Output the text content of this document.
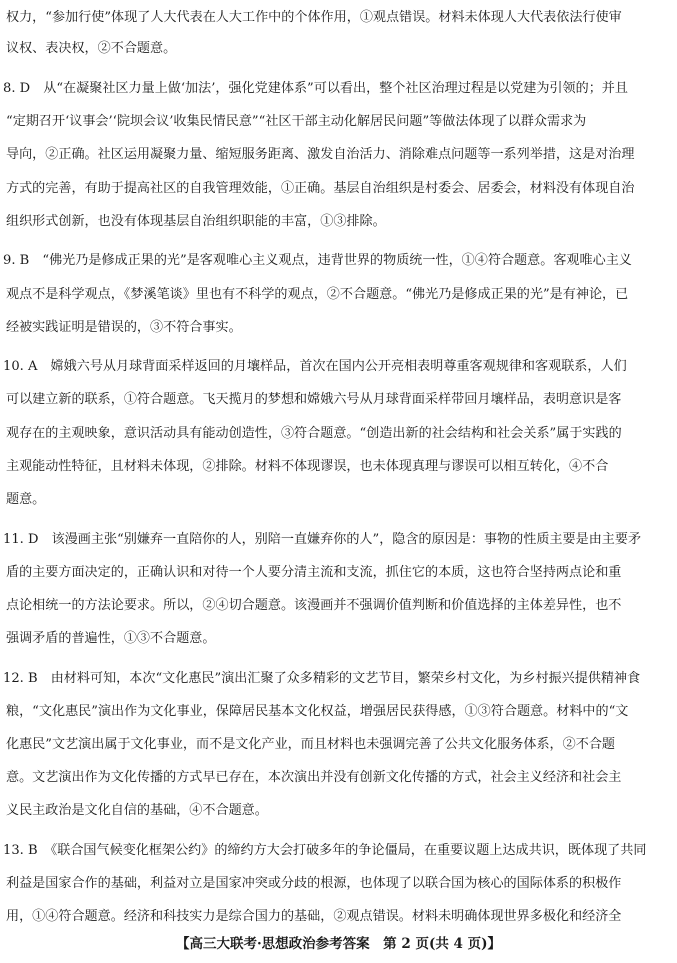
权力，“参加行使”体现了人大代表在人大工作中的个体作用，①观点错误。材料未体现人大代表依法行使审
议权、表决权，②不合题意。
8. D　从“在凝聚社区力量上做‘加法’，强化党建体系”可以看出，整个社区治理过程是以党建为引领的；并且
“定期召开‘议事会’‘院坝会议’收集民情民意”“社区干部主动化解居民问题”等做法体现了以群众需求为
导向，②正确。社区运用凝聚力量、缩短服务距离、激发自治活力、消除难点问题等一系列举措，这是对治理
方式的完善，有助于提高社区的自我管理效能，①正确。基层自治组织是村委会、居委会，材料没有体现自治
组织形式创新，也没有体现基层自治组织职能的丰富，①③排除。
9. B　“佛光乃是修成正果的光”是客观唯心主义观点，违背世界的物质统一性，①④符合题意。客观唯心主义
观点不是科学观点，《梦溪笔谈》里也有不科学的观点，②不合题意。“佛光乃是修成正果的光”是有神论，已
经被实践证明是错误的，③不符合事实。
10. A　嫦娥六号从月球背面采样返回的月壤样品，首次在国内公开亮相表明尊重客观规律和客观联系，人们
可以建立新的联系，①符合题意。飞天揽月的梦想和嫦娥六号从月球背面采样带回月壤样品，表明意识是客
观存在的主观映象，意识活动具有能动创造性，③符合题意。“创造出新的社会结构和社会关系”属于实践的
主观能动性特征，且材料未体现，②排除。材料不体现谬误，也未体现真理与谬误可以相互转化，④不合
题意。
11. D　该漫画主张“别嫌弃一直陪你的人，别陪一直嫌弃你的人”，隐含的原因是：事物的性质主要是由主要矛
盾的主要方面决定的，正确认识和对待一个人要分清主流和支流，抓住它的本质，这也符合坚持两点论和重
点论相统一的方法论要求。所以，②④切合题意。该漫画并不强调价值判断和价值选择的主体差异性，也不
强调矛盾的普遍性，①③不合题意。
12. B　由材料可知，本次“文化惠民”演出汇聚了众多精彩的文艺节目，繁荣乡村文化，为乡村振兴提供精神食
粮，“文化惠民”演出作为文化事业，保障居民基本文化权益，增强居民获得感，①③符合题意。材料中的“文
化惠民”文艺演出属于文化事业，而不是文化产业，而且材料也未强调完善了公共文化服务体系，②不合题
意。文艺演出作为文化传播的方式早已存在，本次演出并没有创新文化传播的方式，社会主义经济和社会主
义民主政治是文化自信的基础，④不合题意。
13. B　《联合国气候变化框架公约》的缔约方大会打破多年的争论僵局，在重要议题上达成共识，既体现了共同
利益是国家合作的基础，利益对立是国家冲突或分歧的根源，也体现了以联合国为核心的国际体系的积极作
用，①④符合题意。经济和科技实力是综合国力的基础，②观点错误。材料未明确体现世界多极化和经济全
【高三大联考·思想政治参考答案　第 2 页(共 4 页)】
